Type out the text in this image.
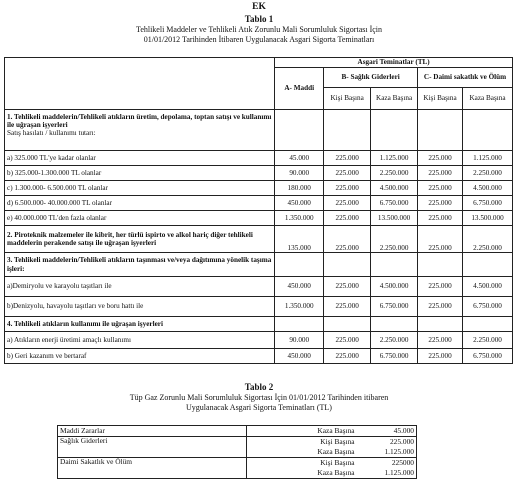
EK
Tablo 1
Tehlikeli Maddeler ve Tehlikeli Atık Zorunlu Mali Sorumluluk Sigortası İçin
01/01/2012 Tarihinden İtibaren Uygulanacak Asgari Sigorta Teminatları
	Asgari Teminatlar (TL)				
	A- Maddi	B- Sağlık Giderleri		C- Daimi sakatlık ve Ölüm	
		Kişi Başına	Kaza Başına	Kişi Başına	Kaza Başına
1. Tehlikeli maddelerin/Tehlikeli atıkların üretim, depolama, toptan satışı ve kullanımı ile uğraşan işyerleri
Satış hasılatı / kullanımı tutarı:					
a) 325.000 TL'ye kadar olanlar	45.000	225.000	1.125.000	225.000	1.125.000
b) 325.000-1.300.000 TL olanlar	90.000	225.000	2.250.000	225.000	2.250.000
c) 1.300.000- 6.500.000 TL olanlar	180.000	225.000	4.500.000	225.000	4.500.000
d) 6.500.000- 40.000.000 TL olanlar	450.000	225.000	6.750.000	225.000	6.750.000
e) 40.000.000 TL'den fazla olanlar	1.350.000	225.000	13.500.000	225.000	13.500.000
2. Piroteknik malzemeler ile kibrit, her türlü ispirto ve alkol hariç diğer tehlikeli maddelerin perakende satışı ile uğraşan işyerleri	135.000	225.000	2.250.000	225.000	2.250.000
3. Tehlikeli maddelerin/Tehlikeli atıkların taşınması ve/veya dağıtımına yönelik taşıma işleri:					
a)Demiryolu ve karayolu taşıtları ile	450.000	225.000	4.500.000	225.000	4.500.000
b)Denizyolu, havayolu taşıtları ve boru hattı ile	1.350.000	225.000	6.750.000	225.000	6.750.000
4. Tehlikeli atıkların kullanımı ile uğraşan işyerleri					
a) Atıkların enerji üretimi amaçlı kullanımı	90.000	225.000	2.250.000	225.000	2.250.000
b) Geri kazanım ve bertaraf	450.000	225.000	6.750.000	225.000	6.750.000
Tablo 2
Tüp Gaz Zorunlu Mali Sorumluluk Sigortası İçin 01/01/2012 Tarihinden itibaren
Uygulanacak Asgari Sigorta Teminatları (TL)
Maddi Zararlar	Kaza Başına	45.000
Sağlık Giderleri	Kişi Başına	225.000
	Kaza Başına	1.125.000
Daimi Sakatlık ve Ölüm	Kişi Başına	225000
	Kaza Başına	1.125.000
